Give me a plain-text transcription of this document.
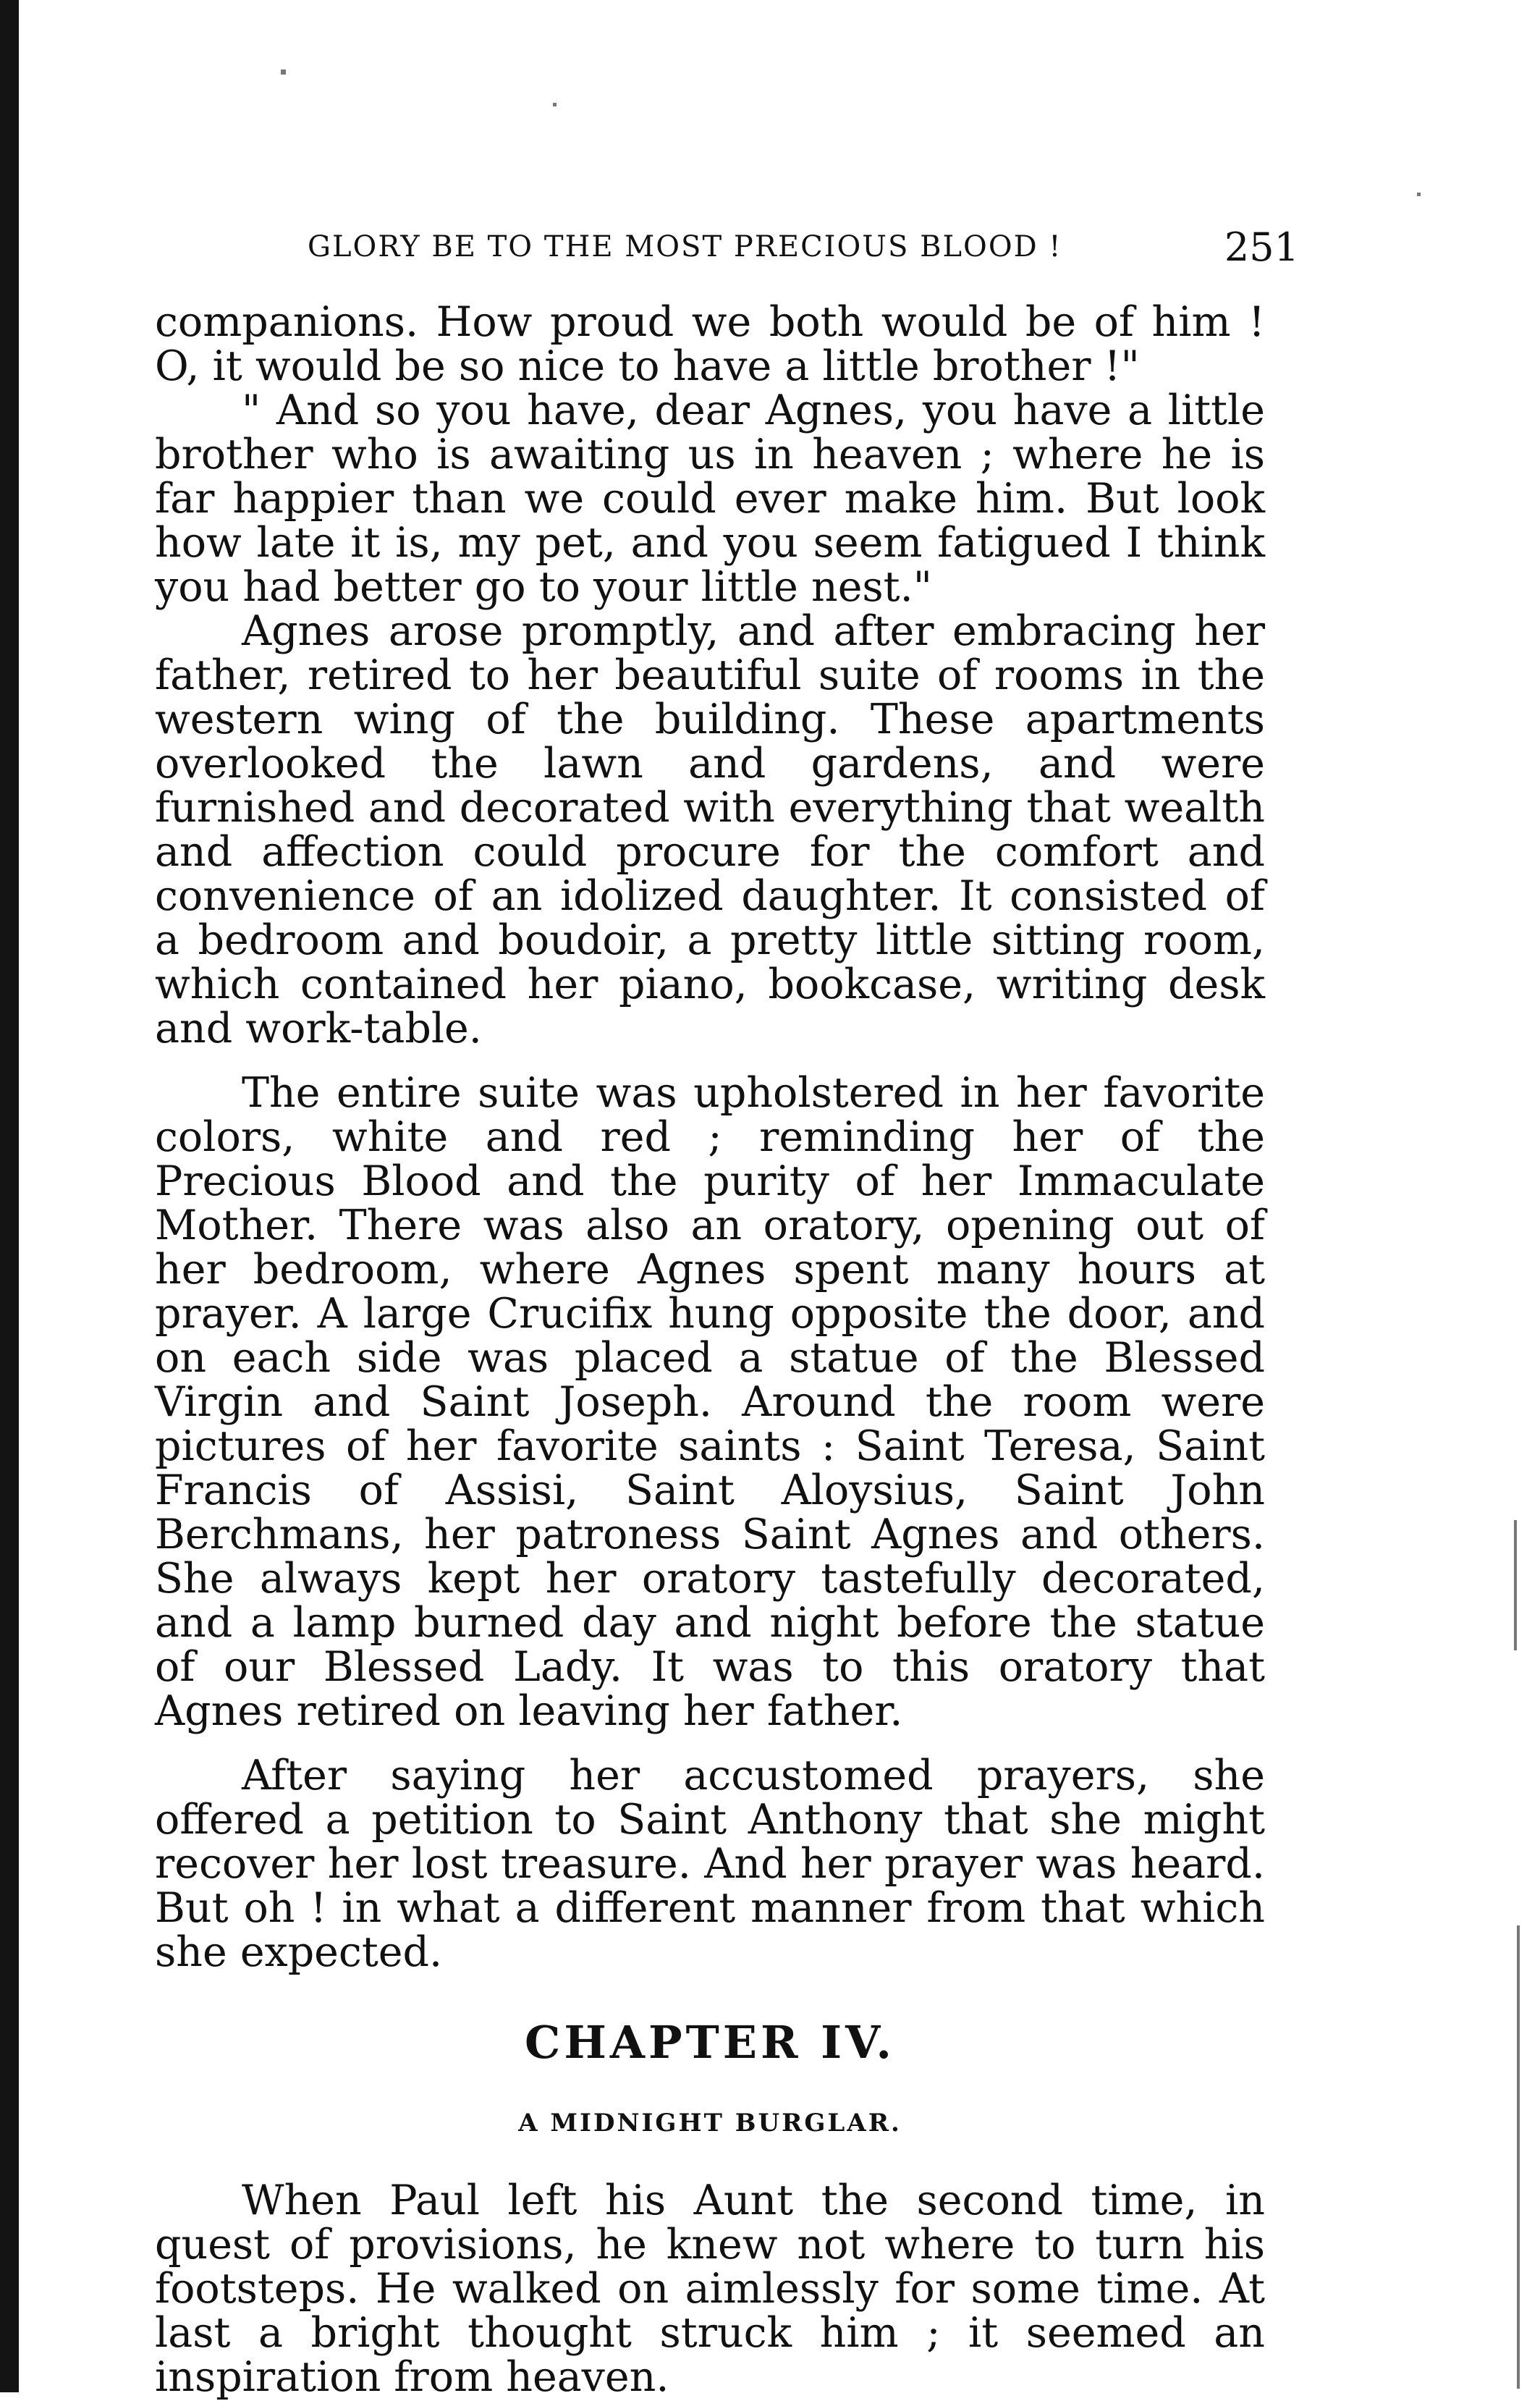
GLORY BE TO THE MOST PRECIOUS BLOOD !	251

companions. How proud we both would be of him ! O, it would be so nice to have a little brother !"

" And so you have, dear Agnes, you have a little brother who is awaiting us in heaven ; where he is far happier than we could ever make him. But look how late it is, my pet, and you seem fatigued I think you had better go to your little nest."

Agnes arose promptly, and after embracing her father, retired to her beautiful suite of rooms in the western wing of the building. These apartments overlooked the lawn and gardens, and were furnished and decorated with everything that wealth and affection could procure for the comfort and convenience of an idolized daughter. It consisted of a bedroom and boudoir, a pretty little sitting room, which contained her piano, bookcase, writing desk and work-table.

The entire suite was upholstered in her favorite colors, white and red ; reminding her of the Precious Blood and the purity of her Immaculate Mother. There was also an oratory, opening out of her bedroom, where Agnes spent many hours at prayer. A large Crucifix hung opposite the door, and on each side was placed a statue of the Blessed Virgin and Saint Joseph. Around the room were pictures of her favorite saints : Saint Teresa, Saint Francis of Assisi, Saint Aloysius, Saint John Berchmans, her patroness Saint Agnes and others. She always kept her oratory tastefully decorated, and a lamp burned day and night before the statue of our Blessed Lady. It was to this oratory that Agnes retired on leaving her father.

After saying her accustomed prayers, she offered a petition to Saint Anthony that she might recover her lost treasure. And her prayer was heard. But oh ! in what a different manner from that which she expected.

CHAPTER IV.
A MIDNIGHT BURGLAR.

When Paul left his Aunt the second time, in quest of provisions, he knew not where to turn his footsteps. He walked on aimlessly for some time. At last a bright thought struck him ; it seemed an inspiration from heaven.
